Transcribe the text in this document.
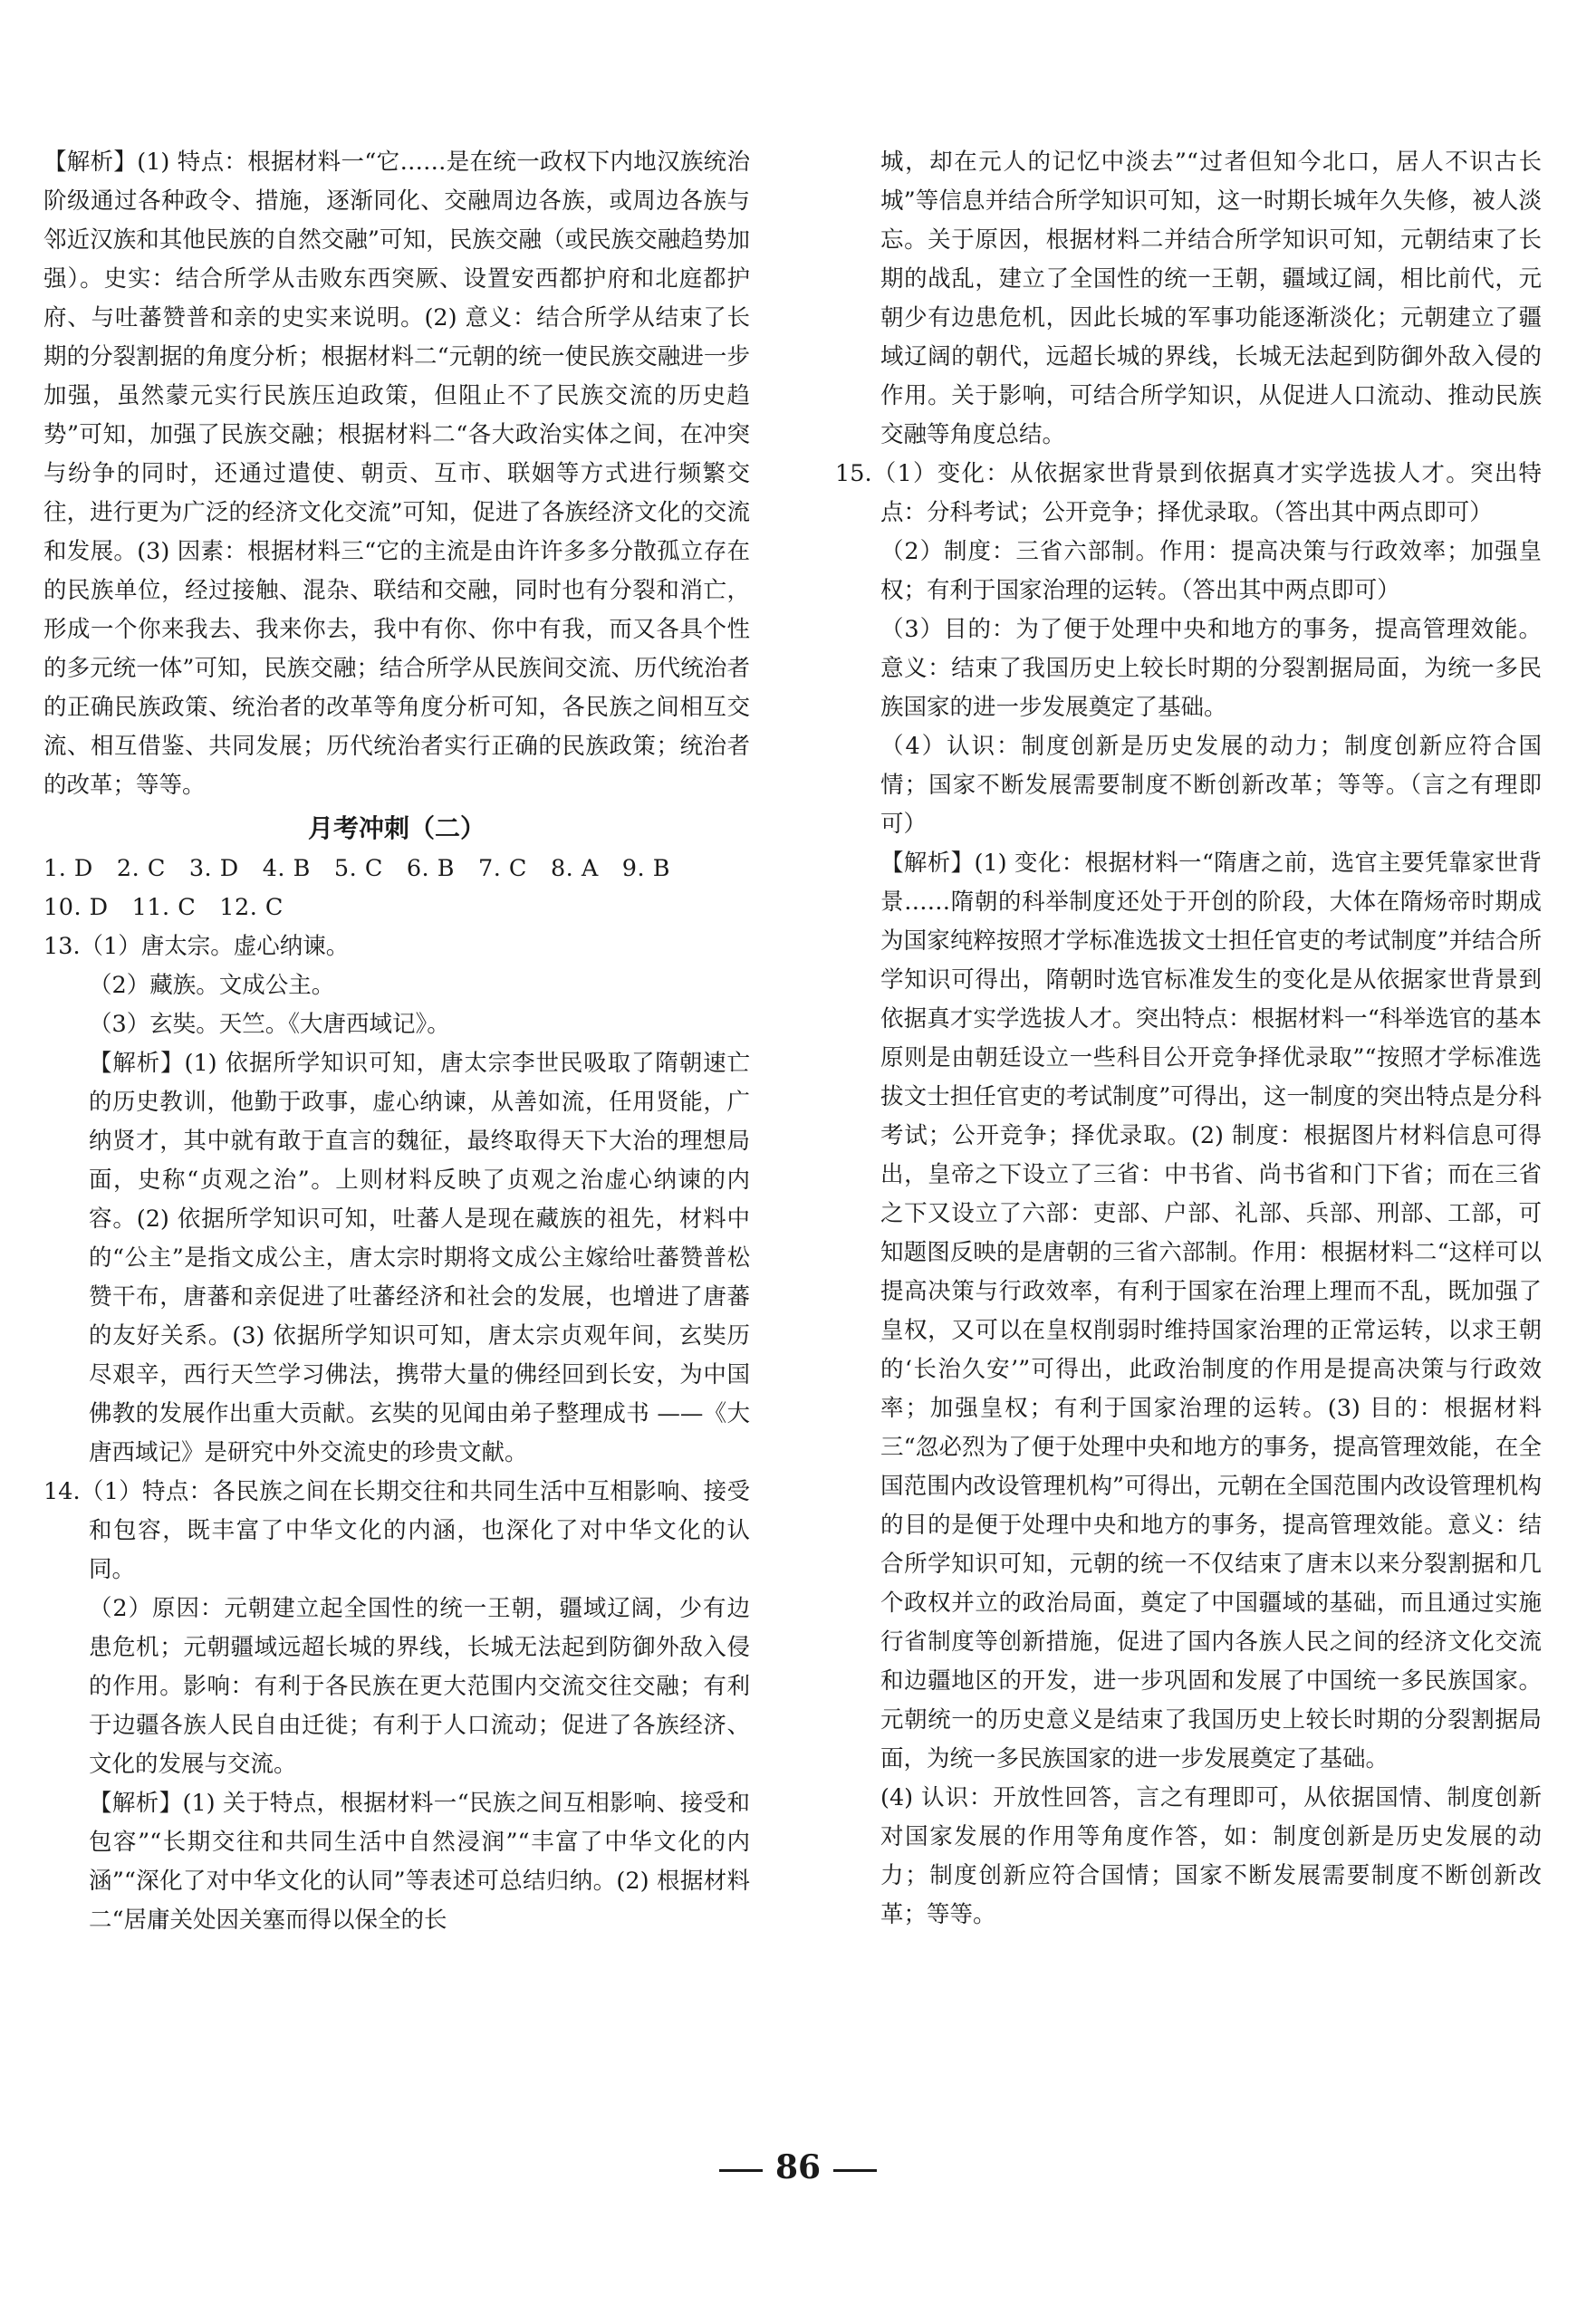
【解析】(1) 特点：根据材料一“它……是在统一政权下内地汉族统治阶级通过各种政令、措施，逐渐同化、交融周边各族，或周边各族与邻近汉族和其他民族的自然交融”可知，民族交融（或民族交融趋势加强）。史实：结合所学从击败东西突厥、设置安西都护府和北庭都护府、与吐蕃赞普和亲的史实来说明。(2) 意义：结合所学从结束了长期的分裂割据的角度分析；根据材料二“元朝的统一使民族交融进一步加强，虽然蒙元实行民族压迫政策，但阻止不了民族交流的历史趋势”可知，加强了民族交融；根据材料二“各大政治实体之间，在冲突与纷争的同时，还通过遣使、朝贡、互市、联姻等方式进行频繁交往，进行更为广泛的经济文化交流”可知，促进了各族经济文化的交流和发展。(3) 因素：根据材料三“它的主流是由许许多多分散孤立存在的民族单位，经过接触、混杂、联结和交融，同时也有分裂和消亡，形成一个你来我去、我来你去，我中有你、你中有我，而又各具个性的多元统一体”可知，民族交融；结合所学从民族间交流、历代统治者的正确民族政策、统治者的改革等角度分析可知，各民族之间相互交流、相互借鉴、共同发展；历代统治者实行正确的民族政策；统治者的改革；等等。

月考冲刺（二）

1. D　2. C　3. D　4. B　5. C　6. B　7. C　8. A　9. B

10. D　11. C　12. C

13.（1）唐太宗。虚心纳谏。

（2）藏族。文成公主。

（3）玄奘。天竺。《大唐西域记》。

【解析】(1) 依据所学知识可知，唐太宗李世民吸取了隋朝速亡的历史教训，他勤于政事，虚心纳谏，从善如流，任用贤能，广纳贤才，其中就有敢于直言的魏征，最终取得天下大治的理想局面，史称“贞观之治”。上则材料反映了贞观之治虚心纳谏的内容。(2) 依据所学知识可知，吐蕃人是现在藏族的祖先，材料中的“公主”是指文成公主，唐太宗时期将文成公主嫁给吐蕃赞普松赞干布，唐蕃和亲促进了吐蕃经济和社会的发展，也增进了唐蕃的友好关系。(3) 依据所学知识可知，唐太宗贞观年间，玄奘历尽艰辛，西行天竺学习佛法，携带大量的佛经回到长安，为中国佛教的发展作出重大贡献。玄奘的见闻由弟子整理成书 ——《大唐西域记》是研究中外交流史的珍贵文献。

14.（1）特点：各民族之间在长期交往和共同生活中互相影响、接受和包容，既丰富了中华文化的内涵，也深化了对中华文化的认同。

（2）原因：元朝建立起全国性的统一王朝，疆域辽阔，少有边患危机；元朝疆域远超长城的界线，长城无法起到防御外敌入侵的作用。影响：有利于各民族在更大范围内交流交往交融；有利于边疆各族人民自由迁徙；有利于人口流动；促进了各族经济、文化的发展与交流。

【解析】(1) 关于特点，根据材料一“民族之间互相影响、接受和包容”“长期交往和共同生活中自然浸润”“丰富了中华文化的内涵”“深化了对中华文化的认同”等表述可总结归纳。(2) 根据材料二“居庸关处因关塞而得以保全的长

城，却在元人的记忆中淡去”“过者但知今北口，居人不识古长城”等信息并结合所学知识可知，这一时期长城年久失修，被人淡忘。关于原因，根据材料二并结合所学知识可知，元朝结束了长期的战乱，建立了全国性的统一王朝，疆域辽阔，相比前代，元朝少有边患危机，因此长城的军事功能逐渐淡化；元朝建立了疆域辽阔的朝代，远超长城的界线，长城无法起到防御外敌入侵的作用。关于影响，可结合所学知识，从促进人口流动、推动民族交融等角度总结。

15.（1）变化：从依据家世背景到依据真才实学选拔人才。突出特点：分科考试；公开竞争；择优录取。（答出其中两点即可）

（2）制度：三省六部制。作用：提高决策与行政效率；加强皇权；有利于国家治理的运转。（答出其中两点即可）

（3）目的：为了便于处理中央和地方的事务，提高管理效能。意义：结束了我国历史上较长时期的分裂割据局面，为统一多民族国家的进一步发展奠定了基础。

（4）认识：制度创新是历史发展的动力；制度创新应符合国情；国家不断发展需要制度不断创新改革；等等。（言之有理即可）

【解析】(1) 变化：根据材料一“隋唐之前，选官主要凭靠家世背景……隋朝的科举制度还处于开创的阶段，大体在隋炀帝时期成为国家纯粹按照才学标准选拔文士担任官吏的考试制度”并结合所学知识可得出，隋朝时选官标准发生的变化是从依据家世背景到依据真才实学选拔人才。突出特点：根据材料一“科举选官的基本原则是由朝廷设立一些科目公开竞争择优录取”“按照才学标准选拔文士担任官吏的考试制度”可得出，这一制度的突出特点是分科考试；公开竞争；择优录取。(2) 制度：根据图片材料信息可得出，皇帝之下设立了三省：中书省、尚书省和门下省；而在三省之下又设立了六部：吏部、户部、礼部、兵部、刑部、工部，可知题图反映的是唐朝的三省六部制。作用：根据材料二“这样可以提高决策与行政效率，有利于国家在治理上理而不乱，既加强了皇权，又可以在皇权削弱时维持国家治理的正常运转，以求王朝的‘长治久安’”可得出，此政治制度的作用是提高决策与行政效率；加强皇权；有利于国家治理的运转。(3) 目的：根据材料三“忽必烈为了便于处理中央和地方的事务，提高管理效能，在全国范围内改设管理机构”可得出，元朝在全国范围内改设管理机构的目的是便于处理中央和地方的事务，提高管理效能。意义：结合所学知识可知，元朝的统一不仅结束了唐末以来分裂割据和几个政权并立的政治局面，奠定了中国疆域的基础，而且通过实施行省制度等创新措施，促进了国内各族人民之间的经济文化交流和边疆地区的开发，进一步巩固和发展了中国统一多民族国家。元朝统一的历史意义是结束了我国历史上较长时期的分裂割据局面，为统一多民族国家的进一步发展奠定了基础。

(4) 认识：开放性回答，言之有理即可，从依据国情、制度创新对国家发展的作用等角度作答，如：制度创新是历史发展的动力；制度创新应符合国情；国家不断发展需要制度不断创新改革；等等。

86
